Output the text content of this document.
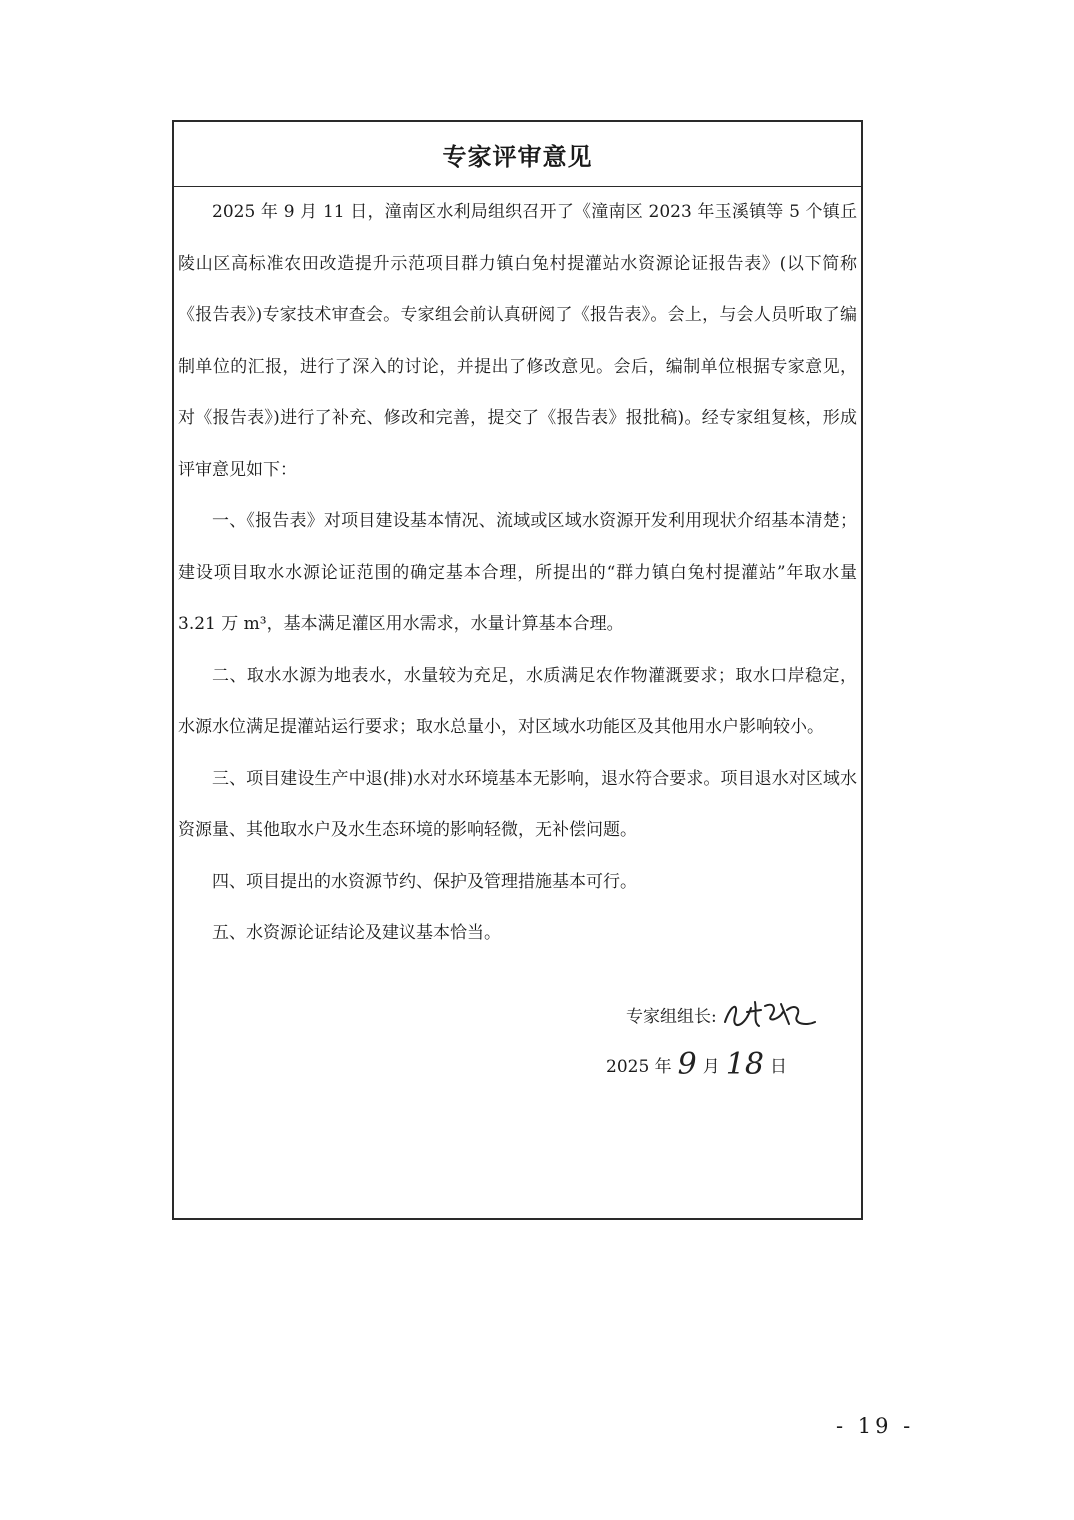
专家评审意见

2025 年 9 月 11 日，潼南区水利局组织召开了《潼南区 2023 年玉溪镇等 5 个镇丘陵山区高标准农田改造提升示范项目群力镇白兔村提灌站水资源论证报告表》(以下简称《报告表》)专家技术审查会。专家组会前认真研阅了《报告表》。会上，与会人员听取了编制单位的汇报，进行了深入的讨论，并提出了修改意见。会后，编制单位根据专家意见，对《报告表》)进行了补充、修改和完善，提交了《报告表》报批稿)。经专家组复核，形成评审意见如下：

一、《报告表》对项目建设基本情况、流域或区域水资源开发利用现状介绍基本清楚；建设项目取水水源论证范围的确定基本合理，所提出的“群力镇白兔村提灌站”年取水量 3.21 万 m³，基本满足灌区用水需求，水量计算基本合理。

二、取水水源为地表水，水量较为充足，水质满足农作物灌溉要求；取水口岸稳定，水源水位满足提灌站运行要求；取水总量小，对区域水功能区及其他用水户影响较小。

三、项目建设生产中退(排)水对水环境基本无影响，退水符合要求。项目退水对区域水资源量、其他取水户及水生态环境的影响轻微，无补偿问题。

四、项目提出的水资源节约、保护及管理措施基本可行。

五、水资源论证结论及建议基本恰当。

专家组组长:
2025 年 9 月 18 日
- 19 -
